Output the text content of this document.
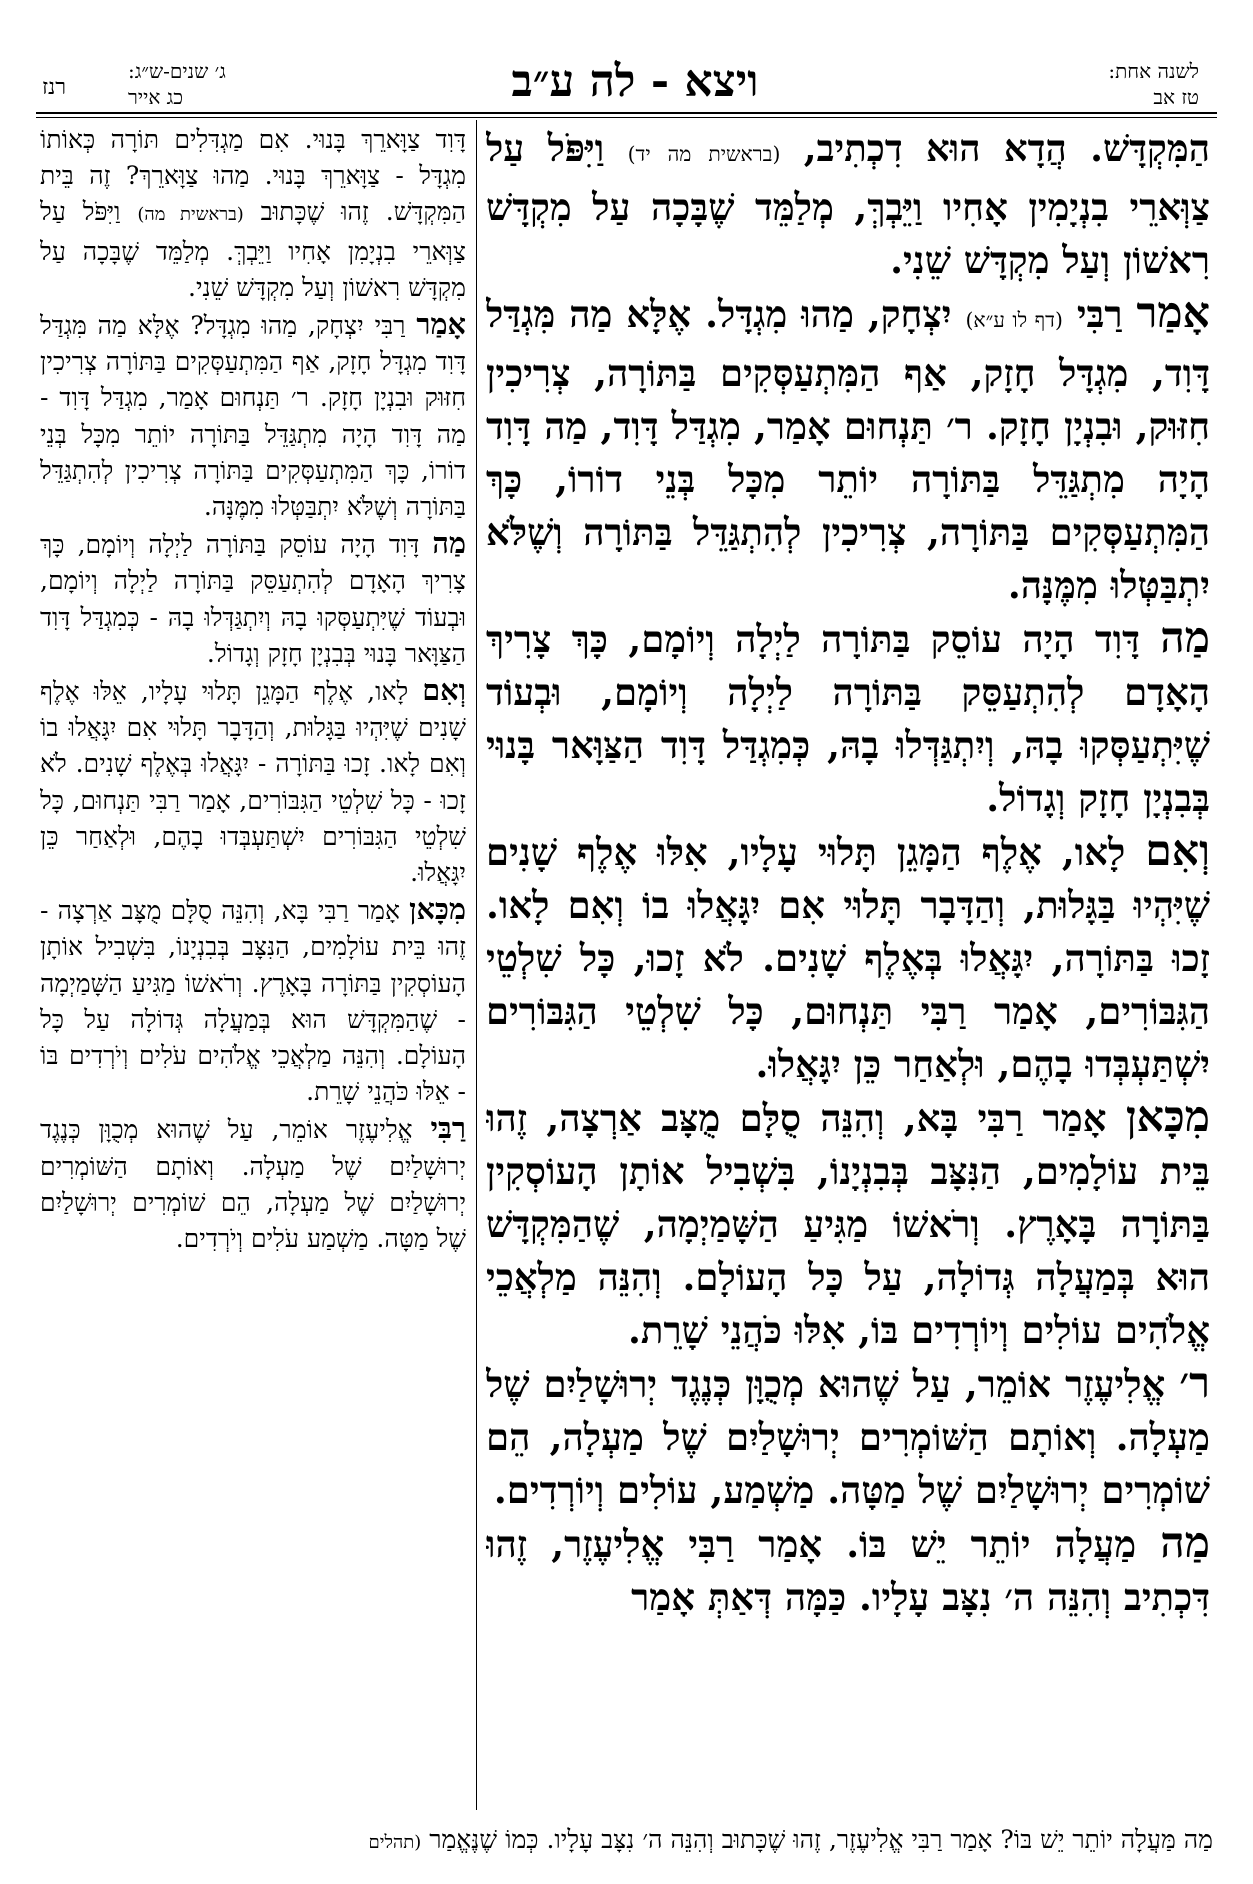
רנז
ג׳ שנים-ש״ג:
כג אייר	ויצא - לה ע״ב	לשנה אחת:
טז אב

הַמִּקְדָּשׁ. הֲדָא הוּא דִכְתִיב, (בראשית מה יד) וַיִּפֹּל עַל צַוְּארֵי בִנְיָמִין אָחִיו וַיֵּבְךְּ, מְלַמֵּד שֶׁבָּכָה עַל מִקְדָּשׁ רִאשׁוֹן וְעַל מִקְדָּשׁ שֵׁנִי.

אָמַר רַבִּי (דף לו ע״א) יִצְחָק, מַהוּ מִגְדָּל. אֶלָּא מַה מִּגְדַּל דָּוִד, מִגְדָּל חָזָק, אַף הַמִּתְעַסְּקִים בַּתּוֹרָה, צְרִיכִין חִזּוּק, וּבִנְיָן חָזָק. ר׳ תַּנְחוּם אָמַר, מִגְדַּל דָּוִד, מַה דָּוִד הָיָה מִתְגַּדֵּל בַּתּוֹרָה יוֹתֵר מִכָּל בְּנֵי דוֹרוֹ, כָּךְ הַמִּתְעַסְּקִים בַּתּוֹרָה, צְרִיכִין לְהִתְגַּדֵּל בַּתּוֹרָה וְשֶׁלֹּא יִתְבַּטְּלוּ מִמֶּנָּה.

מַה דָּוִד הָיָה עוֹסֵק בַּתּוֹרָה לַיְלָה וְיוֹמָם, כָּךְ צָרִיךְ הָאָדָם לְהִתְעַסֵּק בַּתּוֹרָה לַיְלָה וְיוֹמָם, וּבְעוֹד שֶׁיִּתְעַסְּקוּ בָהּ, וְיִתְגַּדְּלוּ בָהּ, כְּמִגְדַּל דָּוִד הַצַּוָּאר בָּנוּי בְּבִנְיָן חָזָק וְגָדוֹל.

וְאִם לָאו, אֶלֶף הַמָּגֵן תָּלוּי עָלָיו, אִלּוּ אֶלֶף שָׁנִים שֶׁיִּהְיוּ בַּגָּלוּת, וְהַדָּבָר תָּלוּי אִם יִגָּאֲלוּ בוֹ וְאִם לָאו. זָכוּ בַּתּוֹרָה, יִגָּאֲלוּ בְּאֶלֶף שָׁנִים. לֹא זָכוּ, כָּל שִׁלְטֵי הַגִּבּוֹרִים, אָמַר רַבִּי תַּנְחוּם, כָּל שִׁלְטֵי הַגִּבּוֹרִים יִשְׁתַּעְבְּדוּ בָהֶם, וּלְאַחַר כֵּן יִגָּאֲלוּ.

מִכָּאן אָמַר רַבִּי בָּא, וְהִנֵּה סֻלָּם מֻצָּב אַרְצָה, זֶהוּ בֵּית עוֹלָמִים, הַנִּצָּב בְּבִנְיָנוֹ, בִּשְׁבִיל אוֹתָן הָעוֹסְקִין בַּתּוֹרָה בָּאָרֶץ. וְרֹאשׁוֹ מַגִּיעַ הַשָּׁמַיְמָה, שֶׁהַמִּקְדָּשׁ הוּא בְּמַעֲלָה גְּדוֹלָה, עַל כָּל הָעוֹלָם. וְהִנֵּה מַלְאֲכֵי אֱלֹהִים עוֹלִים וְיוֹרְדִים בּוֹ, אִלּוּ כֹּהֲנֵי שָׁרֵת.

ר׳ אֱלִיעֶזֶר אוֹמֵר, עַל שֶׁהוּא מְכֻוָּן כְּנֶגֶד יְרוּשָׁלַיִם שֶׁל מַעְלָה. וְאוֹתָם הַשּׁוֹמְרִים יְרוּשָׁלַיִם שֶׁל מַעְלָה, הֵם שׁוֹמְרִים יְרוּשָׁלַיִם שֶׁל מַטָּה. מַשְׁמַע, עוֹלִים וְיוֹרְדִים.

מַה מַעֲלָה יוֹתֵר יֵשׁ בּוֹ. אָמַר רַבִּי אֱלִיעֶזֶר, זֶהוּ דִּכְתִיב וְהִנֵּה ה׳ נִצָּב עָלָיו. כַּמָּה דְּאַתְּ אָמַר

דָּוִד צַוָּארֵךְ בָּנוּי. אִם מַגְדִּלִים תּוֹרָה כְּאוֹתוֹ מִגְדָּל - צַוָּארֵךְ בָּנוּי. מַהוּ צַוָּארֵךְ? זֶה בֵּית הַמִּקְדָּשׁ. זֶהוּ שֶׁכָּתוּב (בראשית מה) וַיִּפֹּל עַל צַוְּארֵי בִנְיָמִן אָחִיו וַיֵּבְךְּ. מְלַמֵּד שֶׁבָּכָה עַל מִקְדָּשׁ רִאשׁוֹן וְעַל מִקְדָּשׁ שֵׁנִי.

אָמַר רַבִּי יִצְחָק, מַהוּ מִגְדָּל? אֶלָּא מַה מִּגְדַּל דָּוִד מִגְדָּל חָזָק, אַף הַמִּתְעַסְּקִים בַּתּוֹרָה צְרִיכִין חִזּוּק וּבִנְיָן חָזָק. ר׳ תַּנְחוּם אָמַר, מִגְדַּל דָּוִד - מַה דָּוִד הָיָה מִתְגַּדֵּל בַּתּוֹרָה יוֹתֵר מִכָּל בְּנֵי דוֹרוֹ, כָּךְ הַמִּתְעַסְּקִים בַּתּוֹרָה צְרִיכִין לְהִתְגַּדֵּל בַּתּוֹרָה וְשֶׁלֹּא יִתְבַּטְּלוּ מִמֶּנָּה.

מַה דָּוִד הָיָה עוֹסֵק בַּתּוֹרָה לַיְלָה וְיוֹמָם, כָּךְ צָרִיךְ הָאָדָם לְהִתְעַסֵּק בַּתּוֹרָה לַיְלָה וְיוֹמָם, וּבְעוֹד שֶׁיִּתְעַסְּקוּ בָהּ וְיִתְגַּדְּלוּ בָהּ - כְּמִגְדַּל דָּוִד הַצַּוָּאר בָּנוּי בְּבִנְיָן חָזָק וְגָדוֹל.

וְאִם לָאו, אֶלֶף הַמָּגֵן תָּלוּי עָלָיו, אֵלּוּ אֶלֶף שָׁנִים שֶׁיִּהְיוּ בַּגָּלוּת, וְהַדָּבָר תָּלוּי אִם יִגָּאֲלוּ בוֹ וְאִם לָאו. זָכוּ בַּתּוֹרָה - יִגָּאֲלוּ בְּאֶלֶף שָׁנִים. לֹא זָכוּ - כָּל שִׁלְטֵי הַגִּבּוֹרִים, אָמַר רַבִּי תַּנְחוּם, כָּל שִׁלְטֵי הַגִּבּוֹרִים יִשְׁתַּעְבְּדוּ בָהֶם, וּלְאַחַר כֵּן יִגָּאֲלוּ.

מִכָּאן אָמַר רַבִּי בָּא, וְהִנֵּה סֻלָּם מֻצָּב אַרְצָה - זֶהוּ בֵּית עוֹלָמִים, הַנִּצָּב בְּבִנְיָנוֹ, בִּשְׁבִיל אוֹתָן הָעוֹסְקִין בַּתּוֹרָה בָּאָרֶץ. וְרֹאשׁוֹ מַגִּיעַ הַשָּׁמַיְמָה - שֶׁהַמִּקְדָּשׁ הוּא בְּמַעֲלָה גְּדוֹלָה עַל כָּל הָעוֹלָם. וְהִנֵּה מַלְאֲכֵי אֱלֹהִים עֹלִים וְיֹרְדִים בּוֹ - אֵלּוּ כֹּהֲנֵי שָׁרֵת.

רַבִּי אֱלִיעֶזֶר אוֹמֵר, עַל שֶׁהוּא מְכֻוָּן כְּנֶגֶד יְרוּשָׁלַיִם שֶׁל מַעְלָה. וְאוֹתָם הַשּׁוֹמְרִים יְרוּשָׁלַיִם שֶׁל מַעְלָה, הֵם שׁוֹמְרִים יְרוּשָׁלַיִם שֶׁל מַטָּה. מַשְׁמַע עֹלִים וְיֹרְדִים.

מַה מַּעֲלָה יוֹתֵר יֵשׁ בּוֹ? אָמַר רַבִּי אֱלִיעֶזֶר, זֶהוּ שֶׁכָּתוּב וְהִנֵּה ה׳ נִצָּב עָלָיו. כְּמוֹ שֶׁנֶּאֱמַר (תהלים
